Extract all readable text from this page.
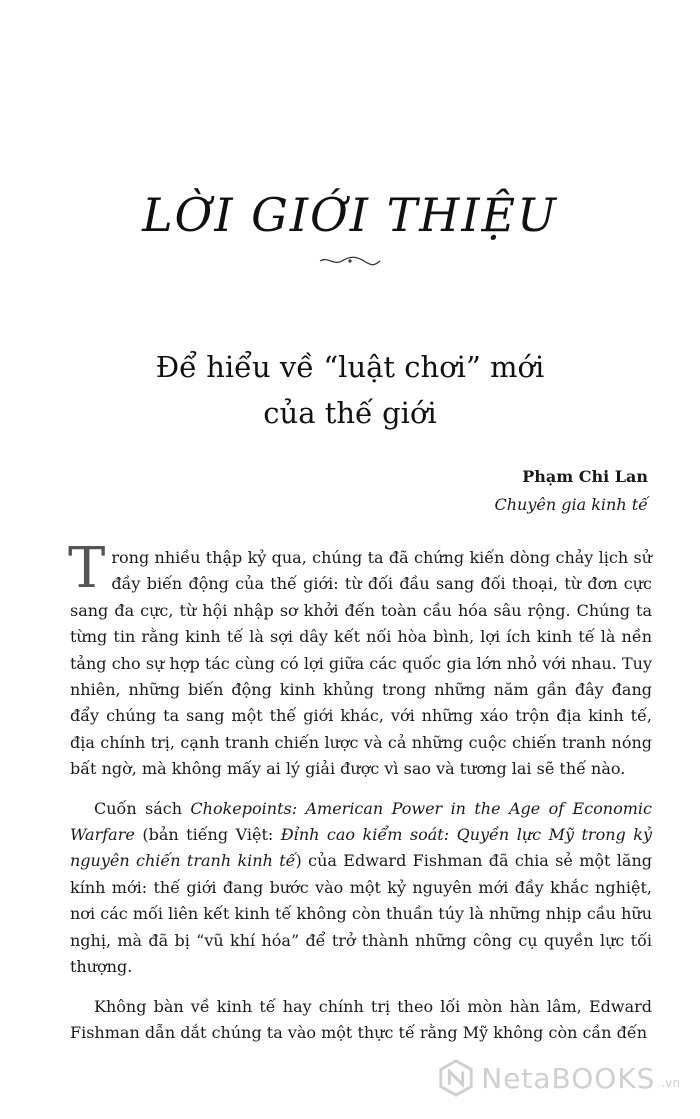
LỜI GIỚI THIỆU
Để hiểu về “luật chơi” mới
của thế giới
Phạm Chi Lan
Chuyên gia kinh tế

Trong nhiều thập kỷ qua, chúng ta đã chứng kiến dòng chảy lịch sử đầy biến động của thế giới: từ đối đầu sang đối thoại, từ đơn cực sang đa cực, từ hội nhập sơ khởi đến toàn cầu hóa sâu rộng. Chúng ta từng tin rằng kinh tế là sợi dây kết nối hòa bình, lợi ích kinh tế là nền tảng cho sự hợp tác cùng có lợi giữa các quốc gia lớn nhỏ với nhau. Tuy nhiên, những biến động kinh khủng trong những năm gần đây đang đẩy chúng ta sang một thế giới khác, với những xáo trộn địa kinh tế, địa chính trị, cạnh tranh chiến lược và cả những cuộc chiến tranh nóng bất ngờ, mà không mấy ai lý giải được vì sao và tương lai sẽ thế nào.

Cuốn sách Chokepoints: American Power in the Age of Economic Warfare (bản tiếng Việt: Đỉnh cao kiểm soát: Quyền lực Mỹ trong kỷ nguyên chiến tranh kinh tế) của Edward Fishman đã chia sẻ một lăng kính mới: thế giới đang bước vào một kỷ nguyên mới đầy khắc nghiệt, nơi các mối liên kết kinh tế không còn thuần túy là những nhịp cầu hữu nghị, mà đã bị “vũ khí hóa” để trở thành những công cụ quyền lực tối thượng.

Không bàn về kinh tế hay chính trị theo lối mòn hàn lâm, Edward Fishman dẫn dắt chúng ta vào một thực tế rằng Mỹ không còn cần đến

NetaBOOKS .vn
